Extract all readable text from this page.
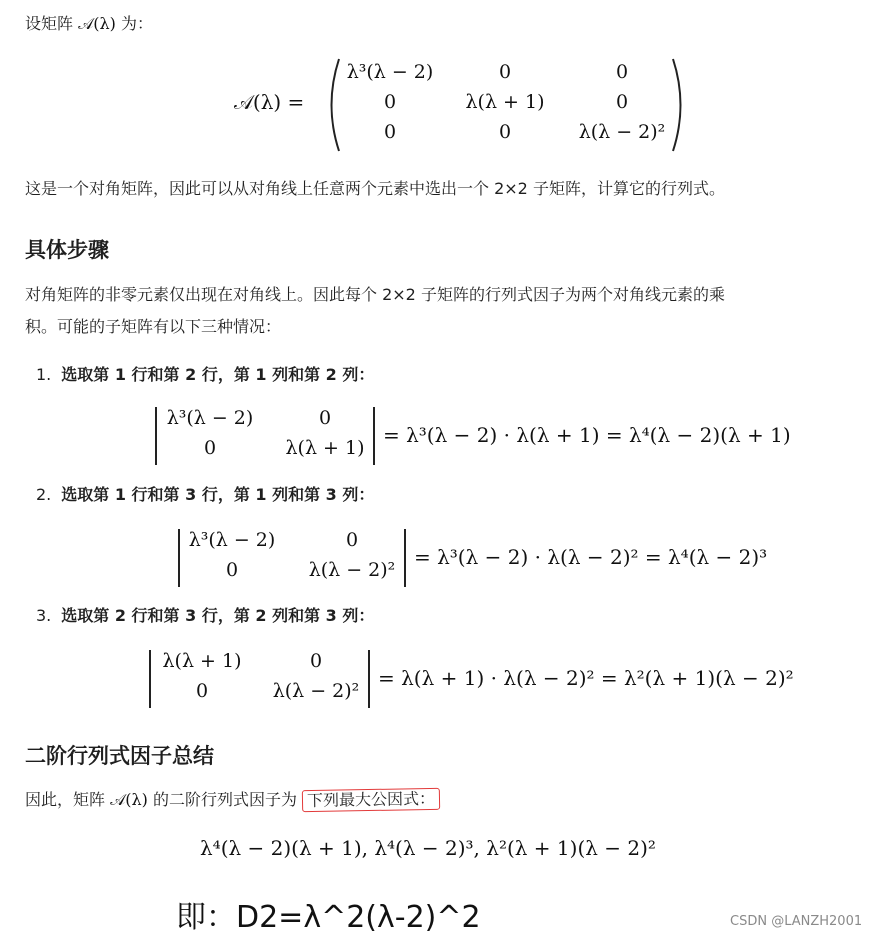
设矩阵 𝒜(λ) 为：
𝒜(λ) =
λ³(λ − 2)	0	0
0	λ(λ + 1)	0
0	0	λ(λ − 2)²
这是一个对角矩阵，因此可以从对角线上任意两个元素中选出一个 2×2 子矩阵，计算它的行列式。
具体步骤
对角矩阵的非零元素仅出现在对角线上。因此每个 2×2 子矩阵的行列式因子为两个对角线元素的乘
积。可能的子矩阵有以下三种情况：
1. 选取第 1 行和第 2 行，第 1 列和第 2 列：
λ³(λ − 2)	0
0	λ(λ + 1)
= λ³(λ − 2) · λ(λ + 1) = λ⁴(λ − 2)(λ + 1)
2. 选取第 1 行和第 3 行，第 1 列和第 3 列：
λ³(λ − 2)	0
0	λ(λ − 2)²
= λ³(λ − 2) · λ(λ − 2)² = λ⁴(λ − 2)³
3. 选取第 2 行和第 3 行，第 2 列和第 3 列：
λ(λ + 1)	0
0	λ(λ − 2)²
= λ(λ + 1) · λ(λ − 2)² = λ²(λ + 1)(λ − 2)²
二阶行列式因子总结
因此，矩阵 𝒜(λ) 的二阶行列式因子为 下列最大公因式：
λ⁴(λ − 2)(λ + 1), λ⁴(λ − 2)³, λ²(λ + 1)(λ − 2)²
即：D2=λ^2(λ-2)^2	CSDN @LANZH2001
